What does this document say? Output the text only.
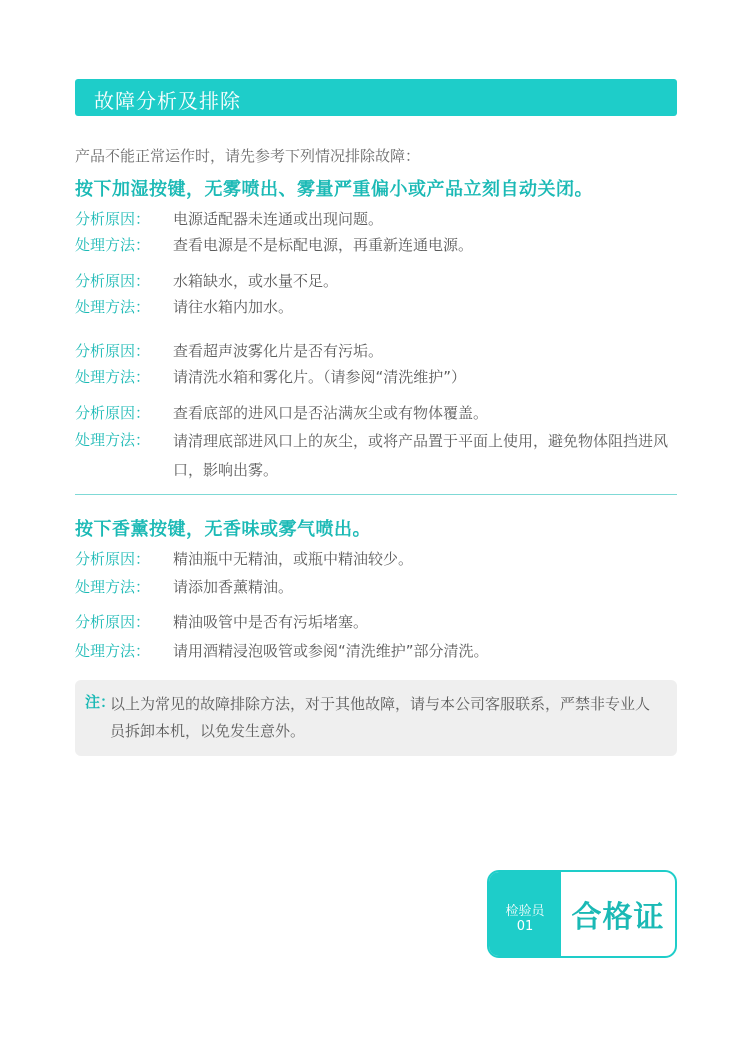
故障分析及排除
产品不能正常运作时，请先参考下列情况排除故障：
按下加湿按键，无雾喷出、雾量严重偏小或产品立刻自动关闭。
分析原因：	电源适配器未连通或出现问题。
处理方法：	查看电源是不是标配电源，再重新连通电源。
分析原因：	水箱缺水，或水量不足。
处理方法：	请往水箱内加水。
分析原因：	查看超声波雾化片是否有污垢。
处理方法：	请清洗水箱和雾化片。（请参阅“清洗维护”）
分析原因：	查看底部的进风口是否沾满灰尘或有物体覆盖。
处理方法：	请清理底部进风口上的灰尘，或将产品置于平面上使用，避免物体阻挡进风口，影响出雾。
按下香薰按键，无香味或雾气喷出。
分析原因：	精油瓶中无精油，或瓶中精油较少。
处理方法：	请添加香薰精油。
分析原因：	精油吸管中是否有污垢堵塞。
处理方法：	请用酒精浸泡吸管或参阅“清洗维护”部分清洗。
注：
以上为常见的故障排除方法，对于其他故障，请与本公司客服联系，严禁非专业人员拆卸本机，以免发生意外。
检验员
01	合格证
